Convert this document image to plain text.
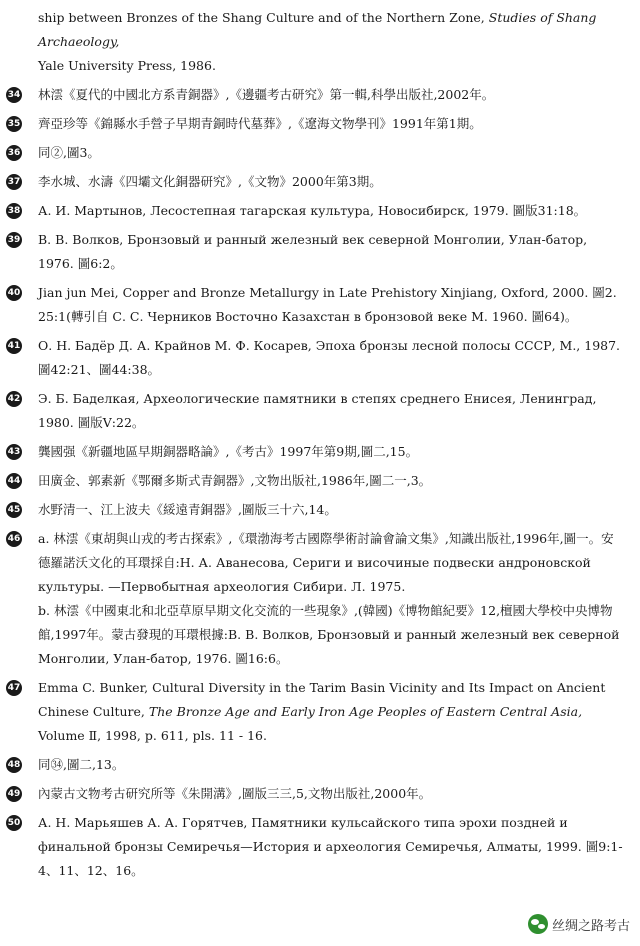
ship between Bronzes of the Shang Culture and of the Northern Zone, Studies of Shang Archaeology,
Yale University Press, 1986.
34 林澐《夏代的中國北方系青銅器》,《邊疆考古研究》第一輯,科學出版社,2002年。
35 齊亞珍等《錦縣水手營子早期青銅時代墓葬》,《遼海文物學刊》1991年第1期。
36 同②,圖3。
37 李水城、水濤《四壩文化銅器研究》,《文物》2000年第3期。
38 А. И. Мартынов, Лесостепная тагарская культура, Новосибирск, 1979. 圖版31:18。
39 В. В. Волков, Бронзовый и ранный железный век северной Монголии, Улан-батор, 1976. 圖6:2。
40 Jian jun Mei, Copper and Bronze Metallurgy in Late Prehistory Xinjiang, Oxford, 2000. 圖2. 25:1(轉引自 С. С. Черников Восточно Казахстан в бронзовой веке М. 1960. 圖64)。
41 О. Н. Бадёр Д. А. Крайнов М. Ф. Косарев, Эпоха бронзы лесной полосы СССР, М., 1987. 圖42:21、圖44:38。
42 Э. Б. Баделкая, Археологические памятники в степях среднего Енисея, Ленинград, 1980. 圖版Ⅴ:22。
43 龔國强《新疆地區早期銅器略論》,《考古》1997年第9期,圖二,15。
44 田廣金、郭素新《鄂爾多斯式青銅器》,文物出版社,1986年,圖二一,3。
45 水野清一、江上波夫《綏遠青銅器》,圖版三十六,14。
46 a. 林澐《東胡與山戎的考古探索》,《環渤海考古國際學術討論會論文集》,知識出版社,1996年,圖一。安德羅諾沃文化的耳環採自:Н. А. Аванесова, Сериги и височиные подвески андроновской культуры. —Первобытная археология Сибири. Л. 1975.
b. 林澐《中國東北和北亞草原早期文化交流的一些現象》,(韓國)《博物館紀要》12,檀國大學校中央博物館,1997年。蒙古發現的耳環根據:В. В. Волков, Бронзовый и ранный железный век северной Монголии, Улан-батор, 1976. 圖16:6。
47 Emma C. Bunker, Cultural Diversity in the Tarim Basin Vicinity and Its Impact on Ancient Chinese Culture, The Bronze Age and Early Iron Age Peoples of Eastern Central Asia, Volume Ⅱ, 1998, p. 611, pls. 11 - 16.
48 同㉞,圖二,13。
49 內蒙古文物考古研究所等《朱開溝》,圖版三三,5,文物出版社,2000年。
50 А. Н. Марьяшев А. А. Горятчев, Памятники кульсайского типа эрохи поздней и финальной бронзы Семиречья—История и археология Семиречья, Алматы, 1999. 圖9:1-4、11、12、16。
丝绸之路考古
